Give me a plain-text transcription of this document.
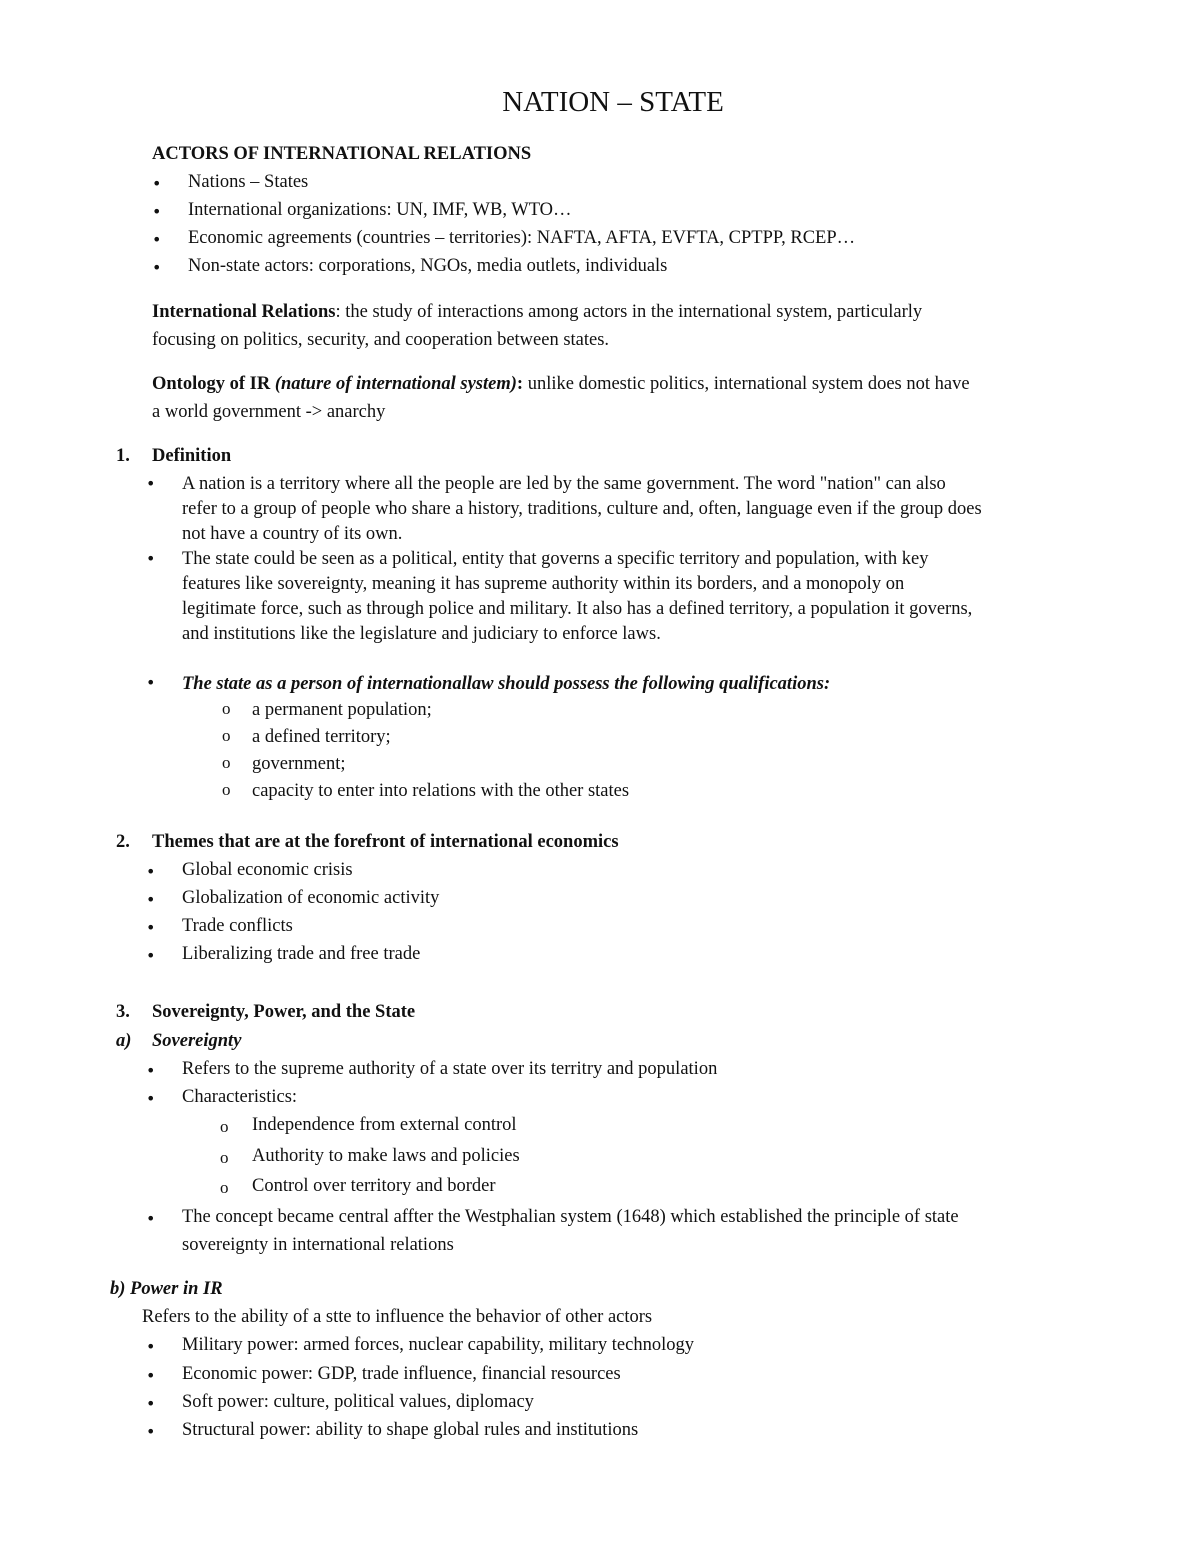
NATION – STATE

ACTORS OF INTERNATIONAL RELATIONS

• Nations – States

• International organizations: UN, IMF, WB, WTO…

• Economic agreements (countries – territories): NAFTA, AFTA, EVFTA, CPTPP, RCEP…

• Non-state actors: corporations, NGOs, media outlets, individuals

International Relations: the study of interactions among actors in the international system, particularly

focusing on politics, security, and cooperation between states.

Ontology of IR (nature of international system): unlike domestic politics, international system does not have

a world government -> anarchy

1. Definition

• A nation is a territory where all the people are led by the same government. The word "nation" can also

refer to a group of people who share a history, traditions, culture and, often, language even if the group does

not have a country of its own.

• The state could be seen as a political, entity that governs a specific territory and population, with key

features like sovereignty, meaning it has supreme authority within its borders, and a monopoly on

legitimate force, such as through police and military. It also has a defined territory, a population it governs,

and institutions like the legislature and judiciary to enforce laws.

• The state as a person of internationallaw should possess the following qualifications:

o a permanent population;

o a defined territory;

o government;

o capacity to enter into relations with the other states

2. Themes that are at the forefront of international economics

• Global economic crisis

• Globalization of economic activity

• Trade conflicts

• Liberalizing trade and free trade

3. Sovereignty, Power, and the State

a) Sovereignty

• Refers to the supreme authority of a state over its territry and population

• Characteristics:

o Independence from external control

o Authority to make laws and policies

o Control over territory and border

• The concept became central affter the Westphalian system (1648) which established the principle of state

sovereignty in international relations

b) Power in IR

Refers to the ability of a stte to influence the behavior of other actors

• Military power: armed forces, nuclear capability, military technology

• Economic power: GDP, trade influence, financial resources

• Soft power: culture, political values, diplomacy

• Structural power: ability to shape global rules and institutions
